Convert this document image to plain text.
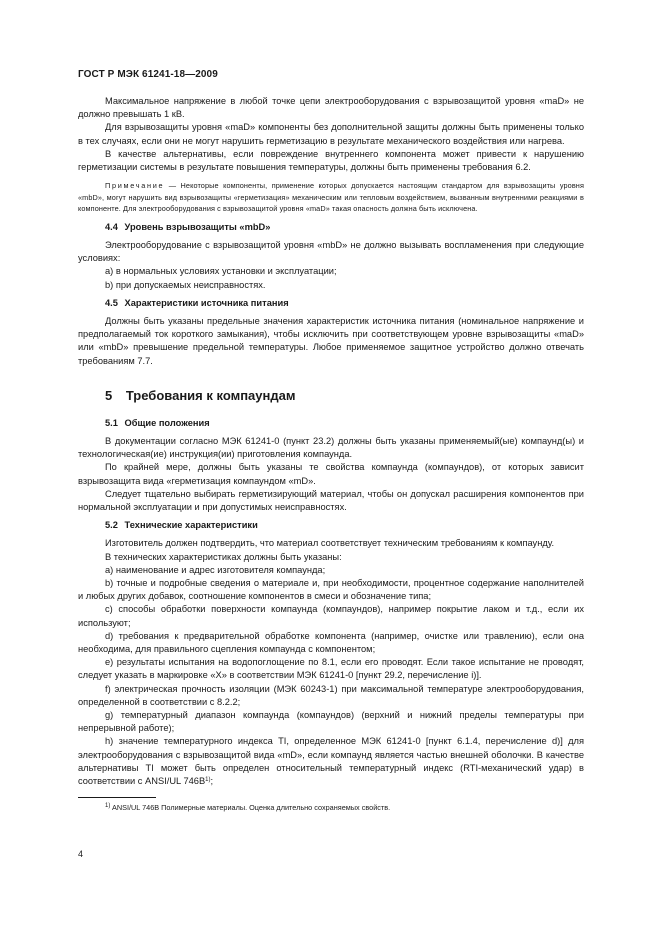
ГОСТ Р МЭК 61241-18—2009

Максимальное напряжение в любой точке цепи электрооборудования с взрывозащитой уровня «maD» не должно превышать 1 кВ.

Для взрывозащиты уровня «maD» компоненты без дополнительной защиты должны быть применены только в тех случаях, если они не могут нарушить герметизацию в результате механического воздействия или нагрева.

В качестве альтернативы, если повреждение внутреннего компонента может привести к нарушению герметизации системы в результате повышения температуры, должны быть применены требования 6.2.

Примечание — Некоторые компоненты, применение которых допускается настоящим стандартом для взрывозащиты уровня «mbD», могут нарушить вид взрывозащиты «герметизация» механическим или тепловым воздействием, вызванным внутренними реакциями в компоненте. Для электрооборудования с взрывозащитой уровня «maD» такая опасность должна быть исключена.

4.4 Уровень взрывозащиты «mbD»

Электрооборудование с взрывозащитой уровня «mbD» не должно вызывать воспламенения при следующие условиях:

a) в нормальных условиях установки и эксплуатации;

b) при допускаемых неисправностях.

4.5 Характеристики источника питания

Должны быть указаны предельные значения характеристик источника питания (номинальное напряжение и предполагаемый ток короткого замыкания), чтобы исключить при соответствующем уровне взрывозащиты «maD» или «mbD» превышение предельной температуры. Любое применяемое защитное устройство должно отвечать требованиям 7.7.

5 Требования к компаундам
5.1 Общие положения

В документации согласно МЭК 61241-0 (пункт 23.2) должны быть указаны применяемый(ые) компаунд(ы) и технологическая(ие) инструкция(ии) приготовления компаунда.

По крайней мере, должны быть указаны те свойства компаунда (компаундов), от которых зависит взрывозащита вида «герметизация компаундом «mD».

Следует тщательно выбирать герметизирующий материал, чтобы он допускал расширения компонентов при нормальной эксплуатации и при допустимых неисправностях.

5.2 Технические характеристики

Изготовитель должен подтвердить, что материал соответствует техническим требованиям к компаунду.

В технических характеристиках должны быть указаны:

a) наименование и адрес изготовителя компаунда;

b) точные и подробные сведения о материале и, при необходимости, процентное содержание наполнителей и любых других добавок, соотношение компонентов в смеси и обозначение типа;

c) способы обработки поверхности компаунда (компаундов), например покрытие лаком и т.д., если их используют;

d) требования к предварительной обработке компонента (например, очистке или травлению), если она необходима, для правильного сцепления компаунда с компонентом;

e) результаты испытания на водопоглощение по 8.1, если его проводят. Если такое испытание не проводят, следует указать в маркировке «X» в соответствии МЭК 61241-0 [пункт 29.2, перечисление i)].

f) электрическая прочность изоляции (МЭК 60243-1) при максимальной температуре электрооборудования, определенной в соответствии с 8.2.2;

g) температурный диапазон компаунда (компаундов) (верхний и нижний пределы температуры при непрерывной работе);

h) значение температурного индекса TI, определенное МЭК 61241-0 [пункт 6.1.4, перечисление d)] для электрооборудования с взрывозащитой вида «mD», если компаунд является частью внешней оболочки. В качестве альтернативы TI может быть определен относительный температурный индекс (RTI-механический удар) в соответствии с ANSI/UL $746B^{1)}$;

$^{1)}$ ANSI/UL 746B Полимерные материалы. Оценка длительно сохраняемых свойств.

4
